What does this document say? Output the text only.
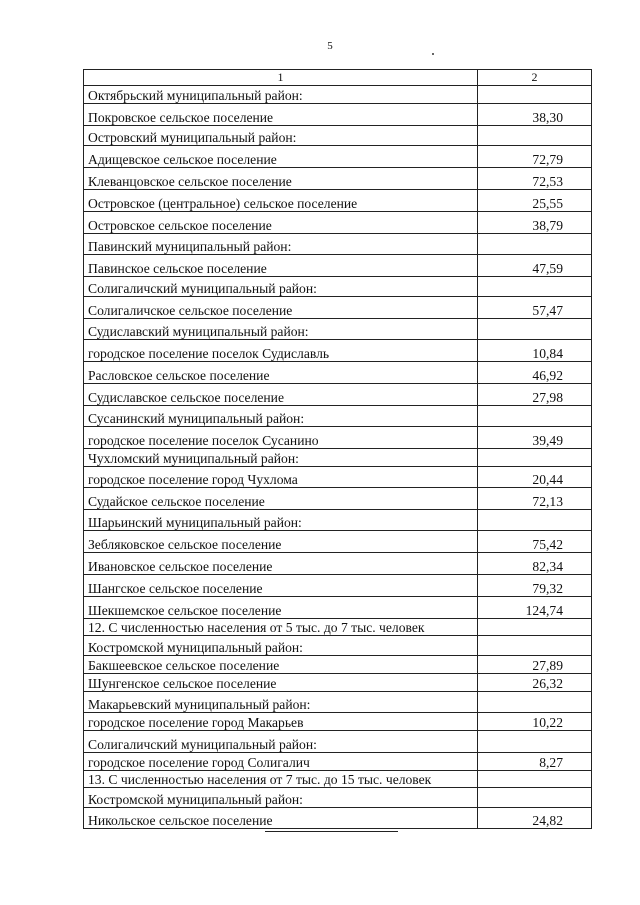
5
1	2
Октябрьский муниципальный район:	
Покровское сельское поселение	38,30
Островский муниципальный район:	
Адищевское сельское поселение	72,79
Клеванцовское сельское поселение	72,53
Островское (центральное) сельское поселение	25,55
Островское сельское поселение	38,79
Павинский муниципальный район:	
Павинское сельское поселение	47,59
Солигаличский муниципальный район:	
Солигаличское сельское поселение	57,47
Судиславский муниципальный район:	
городское поселение поселок Судиславль	10,84
Расловское сельское поселение	46,92
Судиславское сельское поселение	27,98
Сусанинский муниципальный район:	
городское поселение поселок Сусанино	39,49
Чухломский муниципальный район:	
городское поселение город Чухлома	20,44
Судайское сельское поселение	72,13
Шарьинский муниципальный район:	
Зебляковское сельское поселение	75,42
Ивановское сельское поселение	82,34
Шангское сельское поселение	79,32
Шекшемское сельское поселение	124,74
12. С численностью населения от 5 тыс. до 7 тыс. человек	
Костромской муниципальный район:	
Бакшеевское сельское поселение	27,89
Шунгенское сельское поселение	26,32
Макарьевский муниципальный район:	
городское поселение город Макарьев	10,22
Солигаличский муниципальный район:	
городское поселение город Солигалич	8,27
13. С численностью населения от 7 тыс. до 15 тыс. человек	
Костромской муниципальный район:	
Никольское сельское поселение	24,82
